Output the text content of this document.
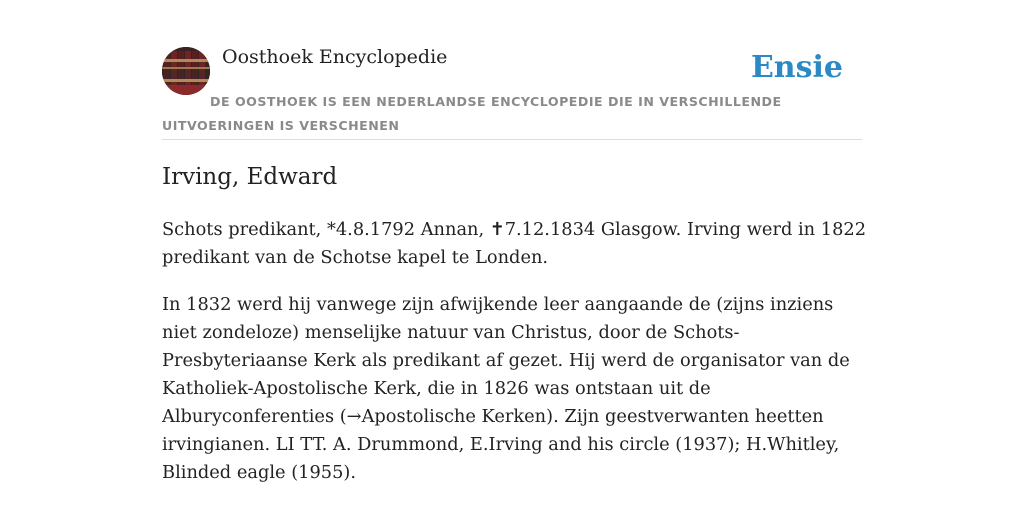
Oosthoek Encyclopedie	Ensie
DE OOSTHOEK IS EEN NEDERLANDSE ENCYCLOPEDIE DIE IN VERSCHILLENDE UITVOERINGEN IS VERSCHENEN
Irving, Edward

Schots predikant, *4.8.1792 Annan, ✝7.12.1834 Glasgow. Irving werd in 1822 predikant van de Schotse kapel te Londen.

In 1832 werd hij vanwege zijn afwijkende leer aangaande de (zijns inziens niet zondeloze) menselijke natuur van Christus, door de Schots-Presbyteriaanse Kerk als predikant af gezet. Hij werd de organisator van de Katholiek-Apostolische Kerk, die in 1826 was ontstaan uit de Alburyconferenties (→Apostolische Kerken). Zijn geestverwanten heetten irvingianen. LI TT. A. Drummond, E.Irving and his circle (1937); H.Whitley, Blinded eagle (1955).
